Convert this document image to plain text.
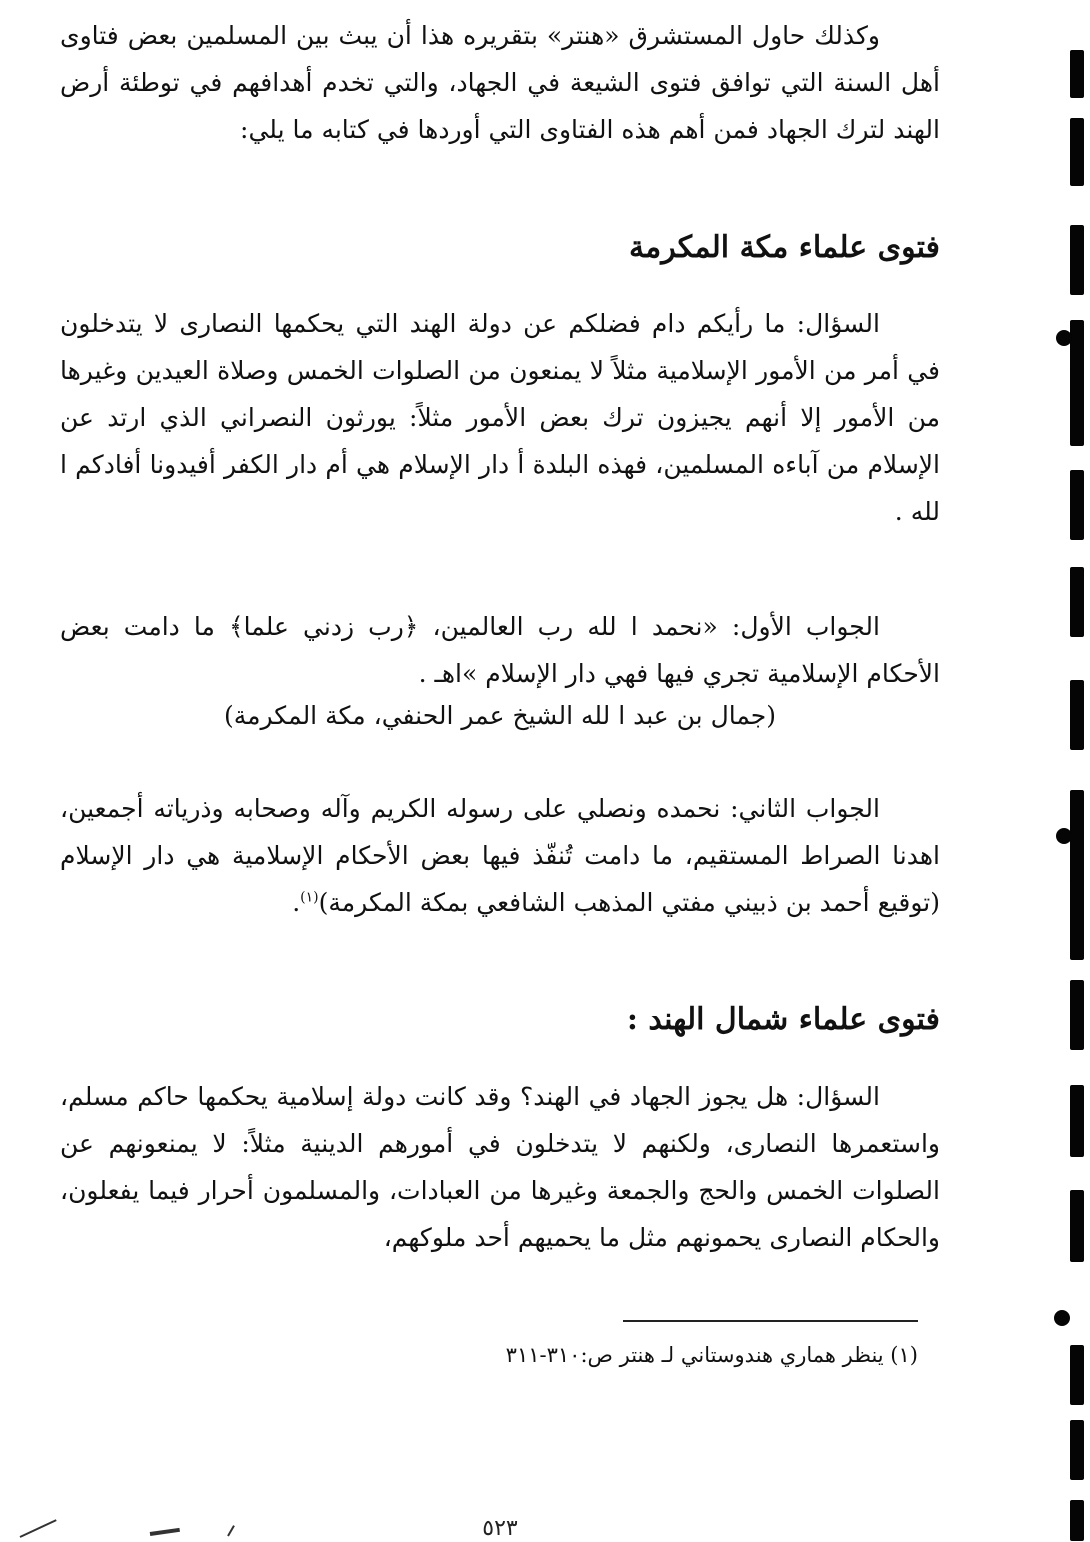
وكذلك حاول المستشرق «هنتر» بتقريره هذا أن يبث بين المسلمين بعض فتاوى أهل السنة التي توافق فتوى الشيعة في الجهاد، والتي تخدم أهدافهم في توطئة أرض الهند لترك الجهاد فمن أهم هذه الفتاوى التي أوردها في كتابه ما يلي:

فتوى علماء مكة المكرمة

السؤال: ما رأيكم دام فضلكم عن دولة الهند التي يحكمها النصارى لا يتدخلون في أمر من الأمور الإسلامية مثلاً لا يمنعون من الصلوات الخمس وصلاة العيدين وغيرها من الأمور إلا أنهم يجيزون ترك بعض الأمور مثلاً: يورثون النصراني الذي ارتد عن الإسلام من آباءه المسلمين، فهذه البلدة أ دار الإسلام هي أم دار الكفر أفيدونا أفادكم ا لله .

الجواب الأول: «نحمد ا لله رب العالمين، ﴿رب زدني علما﴾ ما دامت بعض الأحكام الإسلامية تجري فيها فهي دار الإسلام »اهـ .

(جمال بن عبد ا لله الشيخ عمر الحنفي، مكة المكرمة)

الجواب الثاني: نحمده ونصلي على رسوله الكريم وآله وصحابه وذرياته أجمعين، اهدنا الصراط المستقيم، ما دامت تُنفّذ فيها بعض الأحكام الإسلامية هي دار الإسلام (توقيع أحمد بن ذبيني مفتي المذهب الشافعي بمكة المكرمة)$^{(١)}$.

فتوى علماء شمال الهند :

السؤال: هل يجوز الجهاد في الهند؟ وقد كانت دولة إسلامية يحكمها حاكم مسلم، واستعمرها النصارى، ولكنهم لا يتدخلون في أمورهم الدينية مثلاً: لا يمنعونهم عن الصلوات الخمس والحج والجمعة وغيرها من العبادات، والمسلمون أحرار فيما يفعلون، والحكام النصارى يحمونهم مثل ما يحميهم أحد ملوكهم،

(١) ينظر هماري هندوستاني لـ هنتر ص:٣١٠-٣١١
٥٢٣
